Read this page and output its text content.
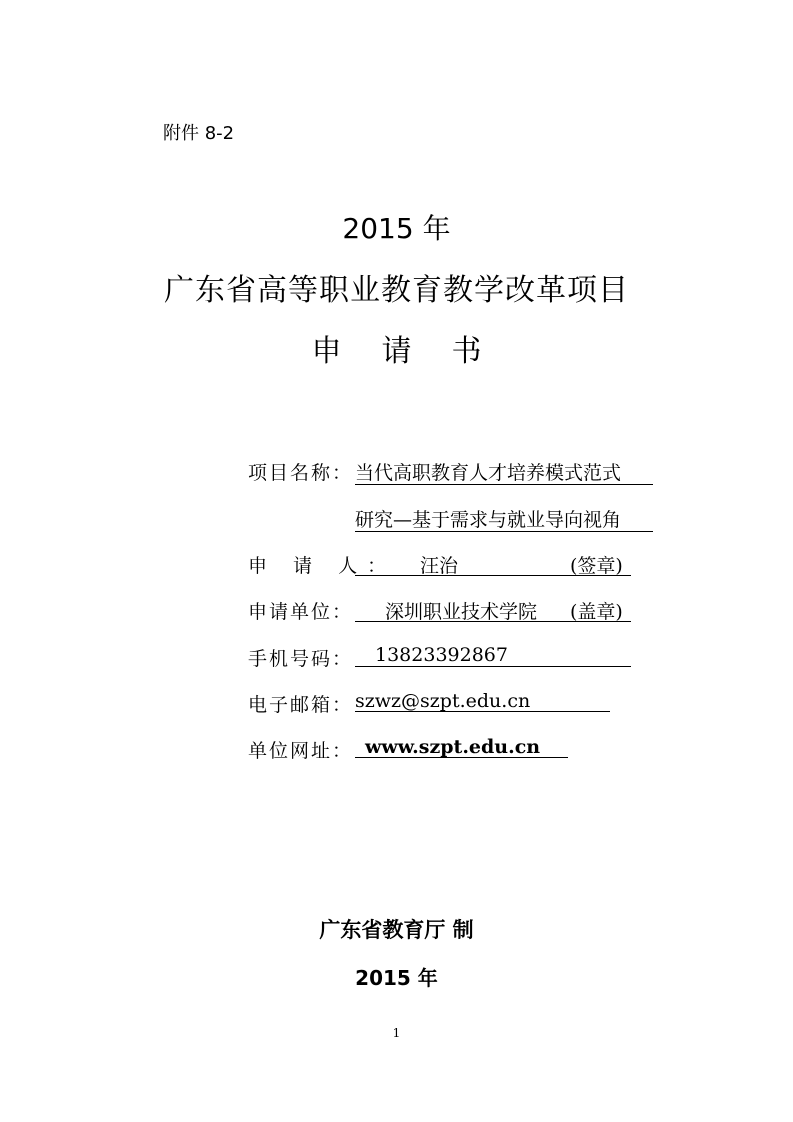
附件 8-2
2015 年
广东省高等职业教育教学改革项目
申请书
项目名称： 当代高职教育人才培养模式范式
研究—基于需求与就业导向视角
申 请 人： 汪治	(签章)
申请单位： 深圳职业技术学院 (盖章)
手机号码： 13823392867
电子邮箱： szwz@szpt.edu.cn
单位网址： www.szpt.edu.cn
广东省教育厅 制
2015 年
1
